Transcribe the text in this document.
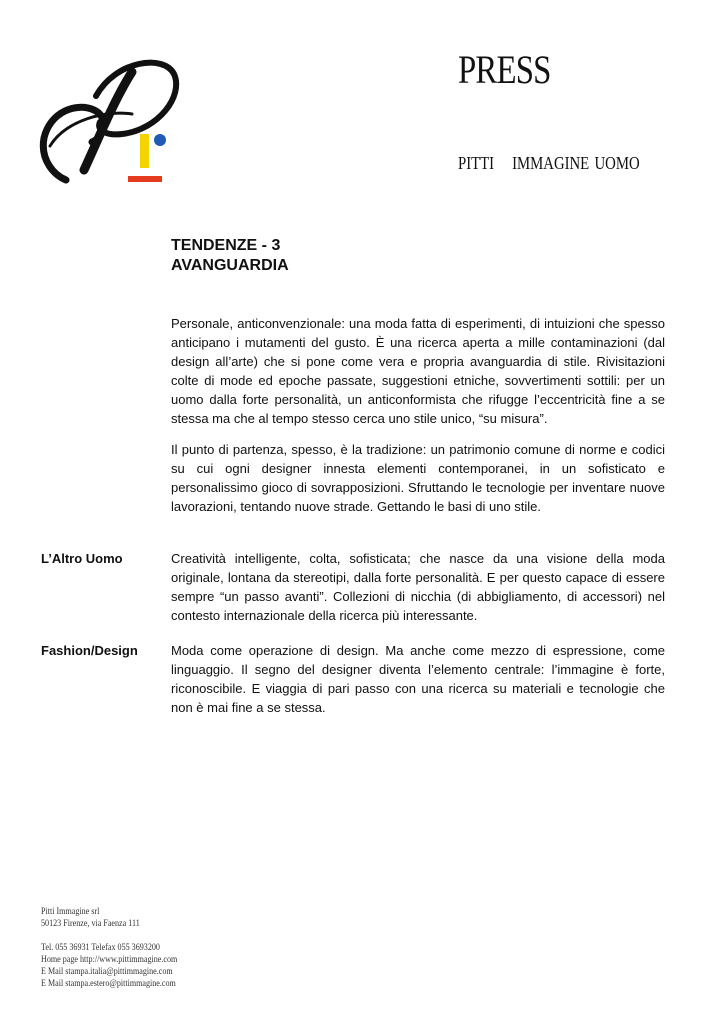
PRESS
PITTI IMMAGINE UOMO
TENDENZE - 3
AVANGUARDIA
Personale, anticonvenzionale: una moda fatta di esperimenti, di intuizioni che spesso anticipano i mutamenti del gusto. È una ricerca aperta a mille contaminazioni (dal design all’arte) che si pone come vera e propria avanguardia di stile. Rivisitazioni colte di mode ed epoche passate, suggestioni etniche, sovvertimenti sottili: per un uomo dalla forte personalità, un anticonformista che rifugge l’eccentricità fine a se stessa ma che al tempo stesso cerca uno stile unico, “su misura”.
Il punto di partenza, spesso, è la tradizione: un patrimonio comune di norme e codici su cui ogni designer innesta elementi contemporanei, in un sofisticato e personalissimo gioco di sovrapposizioni. Sfruttando le tecnologie per inventare nuove lavorazioni, tentando nuove strade. Gettando le basi di uno stile.
L’Altro Uomo	Creatività intelligente, colta, sofisticata; che nasce da una visione della moda originale, lontana da stereotipi, dalla forte personalità. E per questo capace di essere sempre “un passo avanti”. Collezioni di nicchia (di abbigliamento, di accessori) nel contesto internazionale della ricerca più interessante.
Fashion/Design	Moda come operazione di design. Ma anche come mezzo di espressione, come linguaggio. Il segno del designer diventa l’elemento centrale: l’immagine è forte, riconoscibile. E viaggia di pari passo con una ricerca su materiali e tecnologie che non è mai fine a se stessa.
Pitti Immagine srl
50123 Firenze, via Faenza 111
Tel. 055 36931 Telefax 055 3693200
Home page http://www.pittimmagine.com
E Mail stampa.italia@pittimmagine.com
E Mail stampa.estero@pittimmagine.com
